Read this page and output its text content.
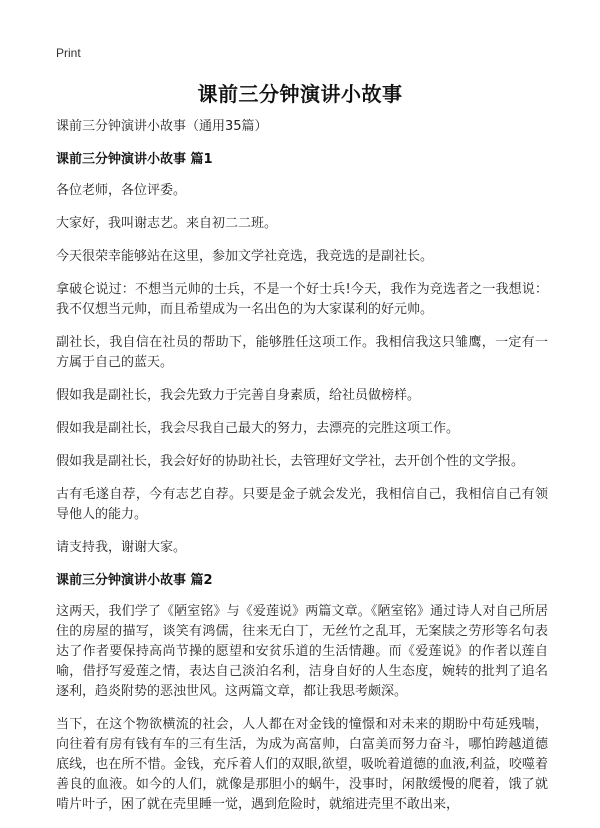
Print
课前三分钟演讲小故事

课前三分钟演讲小故事（通用35篇）

课前三分钟演讲小故事 篇1

各位老师，各位评委。

大家好，我叫谢志艺。来自初二二班。

今天很荣幸能够站在这里，参加文学社竞选，我竞选的是副社长。

拿破仑说过：不想当元帅的士兵，不是一个好士兵!今天，我作为竞选者之一我想说：我不仅想当元帅，而且希望成为一名出色的为大家谋利的好元帅。

副社长，我自信在社员的帮助下，能够胜任这项工作。我相信我这只雏鹰，一定有一方属于自己的蓝天。

假如我是副社长，我会先致力于完善自身素质，给社员做榜样。

假如我是副社长，我会尽我自己最大的努力，去漂亮的完胜这项工作。

假如我是副社长，我会好好的协助社长，去管理好文学社，去开创个性的文学报。

古有毛遂自荐，今有志艺自荐。只要是金子就会发光，我相信自己，我相信自己有领导他人的能力。

请支持我，谢谢大家。

课前三分钟演讲小故事 篇2

这两天，我们学了《陋室铭》与《爱莲说》两篇文章。《陋室铭》通过诗人对自己所居住的房屋的描写，谈笑有鸿儒，往来无白丁，无丝竹之乱耳，无案牍之劳形等名句表达了作者要保持高尚节操的愿望和安贫乐道的生活情趣。而《爱莲说》的作者以莲自喻，借抒写爱莲之情，表达自己淡泊名利，洁身自好的人生态度，婉转的批判了追名逐利，趋炎附势的恶浊世风。这两篇文章，都让我思考颇深。

当下，在这个物欲横流的社会，人人都在对金钱的憧憬和对未来的期盼中苟延残喘，向往着有房有钱有车的三有生活，为成为高富帅，白富美而努力奋斗，哪怕跨越道德底线，也在所不惜。金钱，充斥着人们的双眼,欲望，吸吮着道德的血液,利益，咬噬着善良的血液。如今的人们，就像是那胆小的蜗牛，没事时，闲散缓慢的爬着，饿了就啃片叶子，困了就在壳里睡一觉，遇到危险时，就缩进壳里不敢出来，
